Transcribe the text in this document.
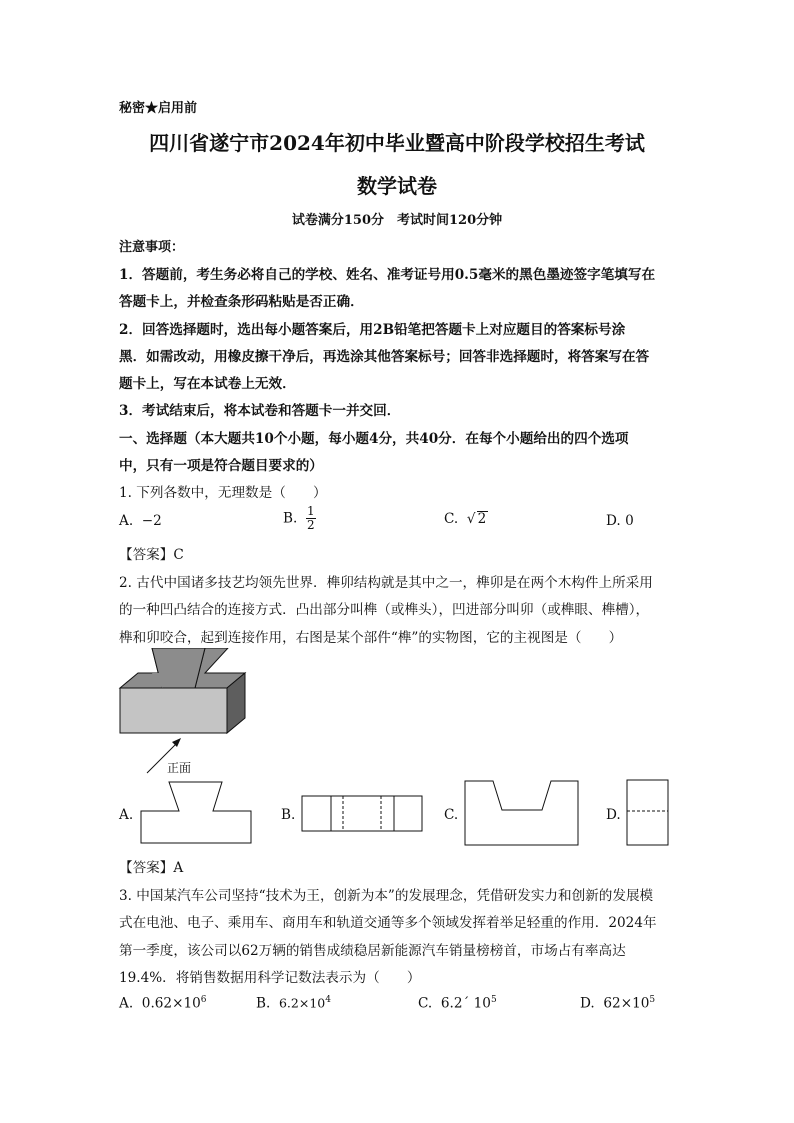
秘密★启用前
四川省遂宁市2024年初中毕业暨高中阶段学校招生考试
数学试卷
试卷满分150分　考试时间120分钟
注意事项：
1．答题前，考生务必将自己的学校、姓名、准考证号用0.5毫米的黑色墨迹签字笔填写在
答题卡上，并检查条形码粘贴是否正确．
2．回答选择题时，选出每小题答案后，用2B铅笔把答题卡上对应题目的答案标号涂
黑．如需改动，用橡皮擦干净后，再选涂其他答案标号；回答非选择题时，将答案写在答
题卡上，写在本试卷上无效．
3．考试结束后，将本试卷和答题卡一并交回．
一、选择题（本大题共10个小题，每小题4分，共40分．在每个小题给出的四个选项
中，只有一项是符合题目要求的）
1. 下列各数中，无理数是（　　）
A. −2	B. $\frac{1}{2}$	C. √ 2	D. 0
【答案】C
2. 古代中国诸多技艺均领先世界．榫卯结构就是其中之一，榫卯是在两个木构件上所采用
的一种凹凸结合的连接方式．凸出部分叫榫（或榫头），凹进部分叫卯（或榫眼、榫槽），
榫和卯咬合，起到连接作用，右图是某个部件“榫”的实物图，它的主视图是（　　）
正面
A.	B.	C.	D.
【答案】A
3. 中国某汽车公司坚持“技术为王，创新为本”的发展理念，凭借研发实力和创新的发展模
式在电池、电子、乘用车、商用车和轨道交通等多个领域发挥着举足轻重的作用．2024年
第一季度，该公司以62万辆的销售成绩稳居新能源汽车销量榜榜首，市场占有率高达
19.4%．将销售数据用科学记数法表示为（　　）
A. $0.62\times 10^6$	B. $6.2\times 10^4$	C. 6.2´ $10^5$	D. $62\times 10^5$
